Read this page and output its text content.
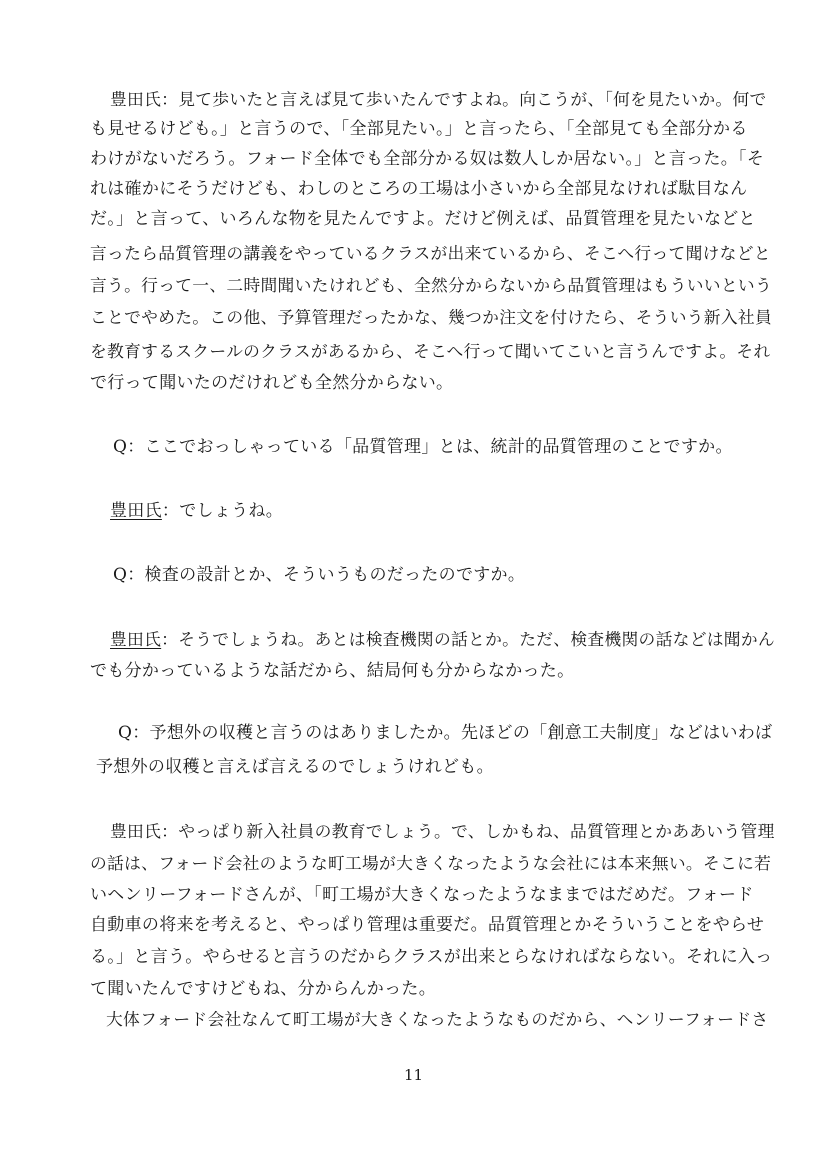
豊田氏：見て歩いたと言えば見て歩いたんですよね。向こうが、「何を見たいか。何で
も見せるけども。」と言うので、「全部見たい。」と言ったら、「全部見ても全部分かる
わけがないだろう。フォード全体でも全部分かる奴は数人しか居ない。」と言った。「そ
れは確かにそうだけども、わしのところの工場は小さいから全部見なければ駄目なん
だ。」と言って、いろんな物を見たんですよ。だけど例えば、品質管理を見たいなどと
言ったら品質管理の講義をやっているクラスが出来ているから、そこへ行って聞けなどと
言う。行って一、二時間聞いたけれども、全然分からないから品質管理はもういいという
ことでやめた。この他、予算管理だったかな、幾つか注文を付けたら、そういう新入社員
を教育するスクールのクラスがあるから、そこへ行って聞いてこいと言うんですよ。それ
で行って聞いたのだけれども全然分からない。
Q：ここでおっしゃっている「品質管理」とは、統計的品質管理のことですか。
豊田氏：でしょうね。
Q：検査の設計とか、そういうものだったのですか。
豊田氏：そうでしょうね。あとは検査機関の話とか。ただ、検査機関の話などは聞かん
でも分かっているような話だから、結局何も分からなかった。
Q：予想外の収穫と言うのはありましたか。先ほどの「創意工夫制度」などはいわば
予想外の収穫と言えば言えるのでしょうけれども。
豊田氏：やっぱり新入社員の教育でしょう。で、しかもね、品質管理とかああいう管理
の話は、フォード会社のような町工場が大きくなったような会社には本来無い。そこに若
いヘンリーフォードさんが、「町工場が大きくなったようなままではだめだ。フォード
自動車の将来を考えると、やっぱり管理は重要だ。品質管理とかそういうことをやらせ
る。」と言う。やらせると言うのだからクラスが出来とらなければならない。それに入っ
て聞いたんですけどもね、分からんかった。
大体フォード会社なんて町工場が大きくなったようなものだから、ヘンリーフォードさ
11
